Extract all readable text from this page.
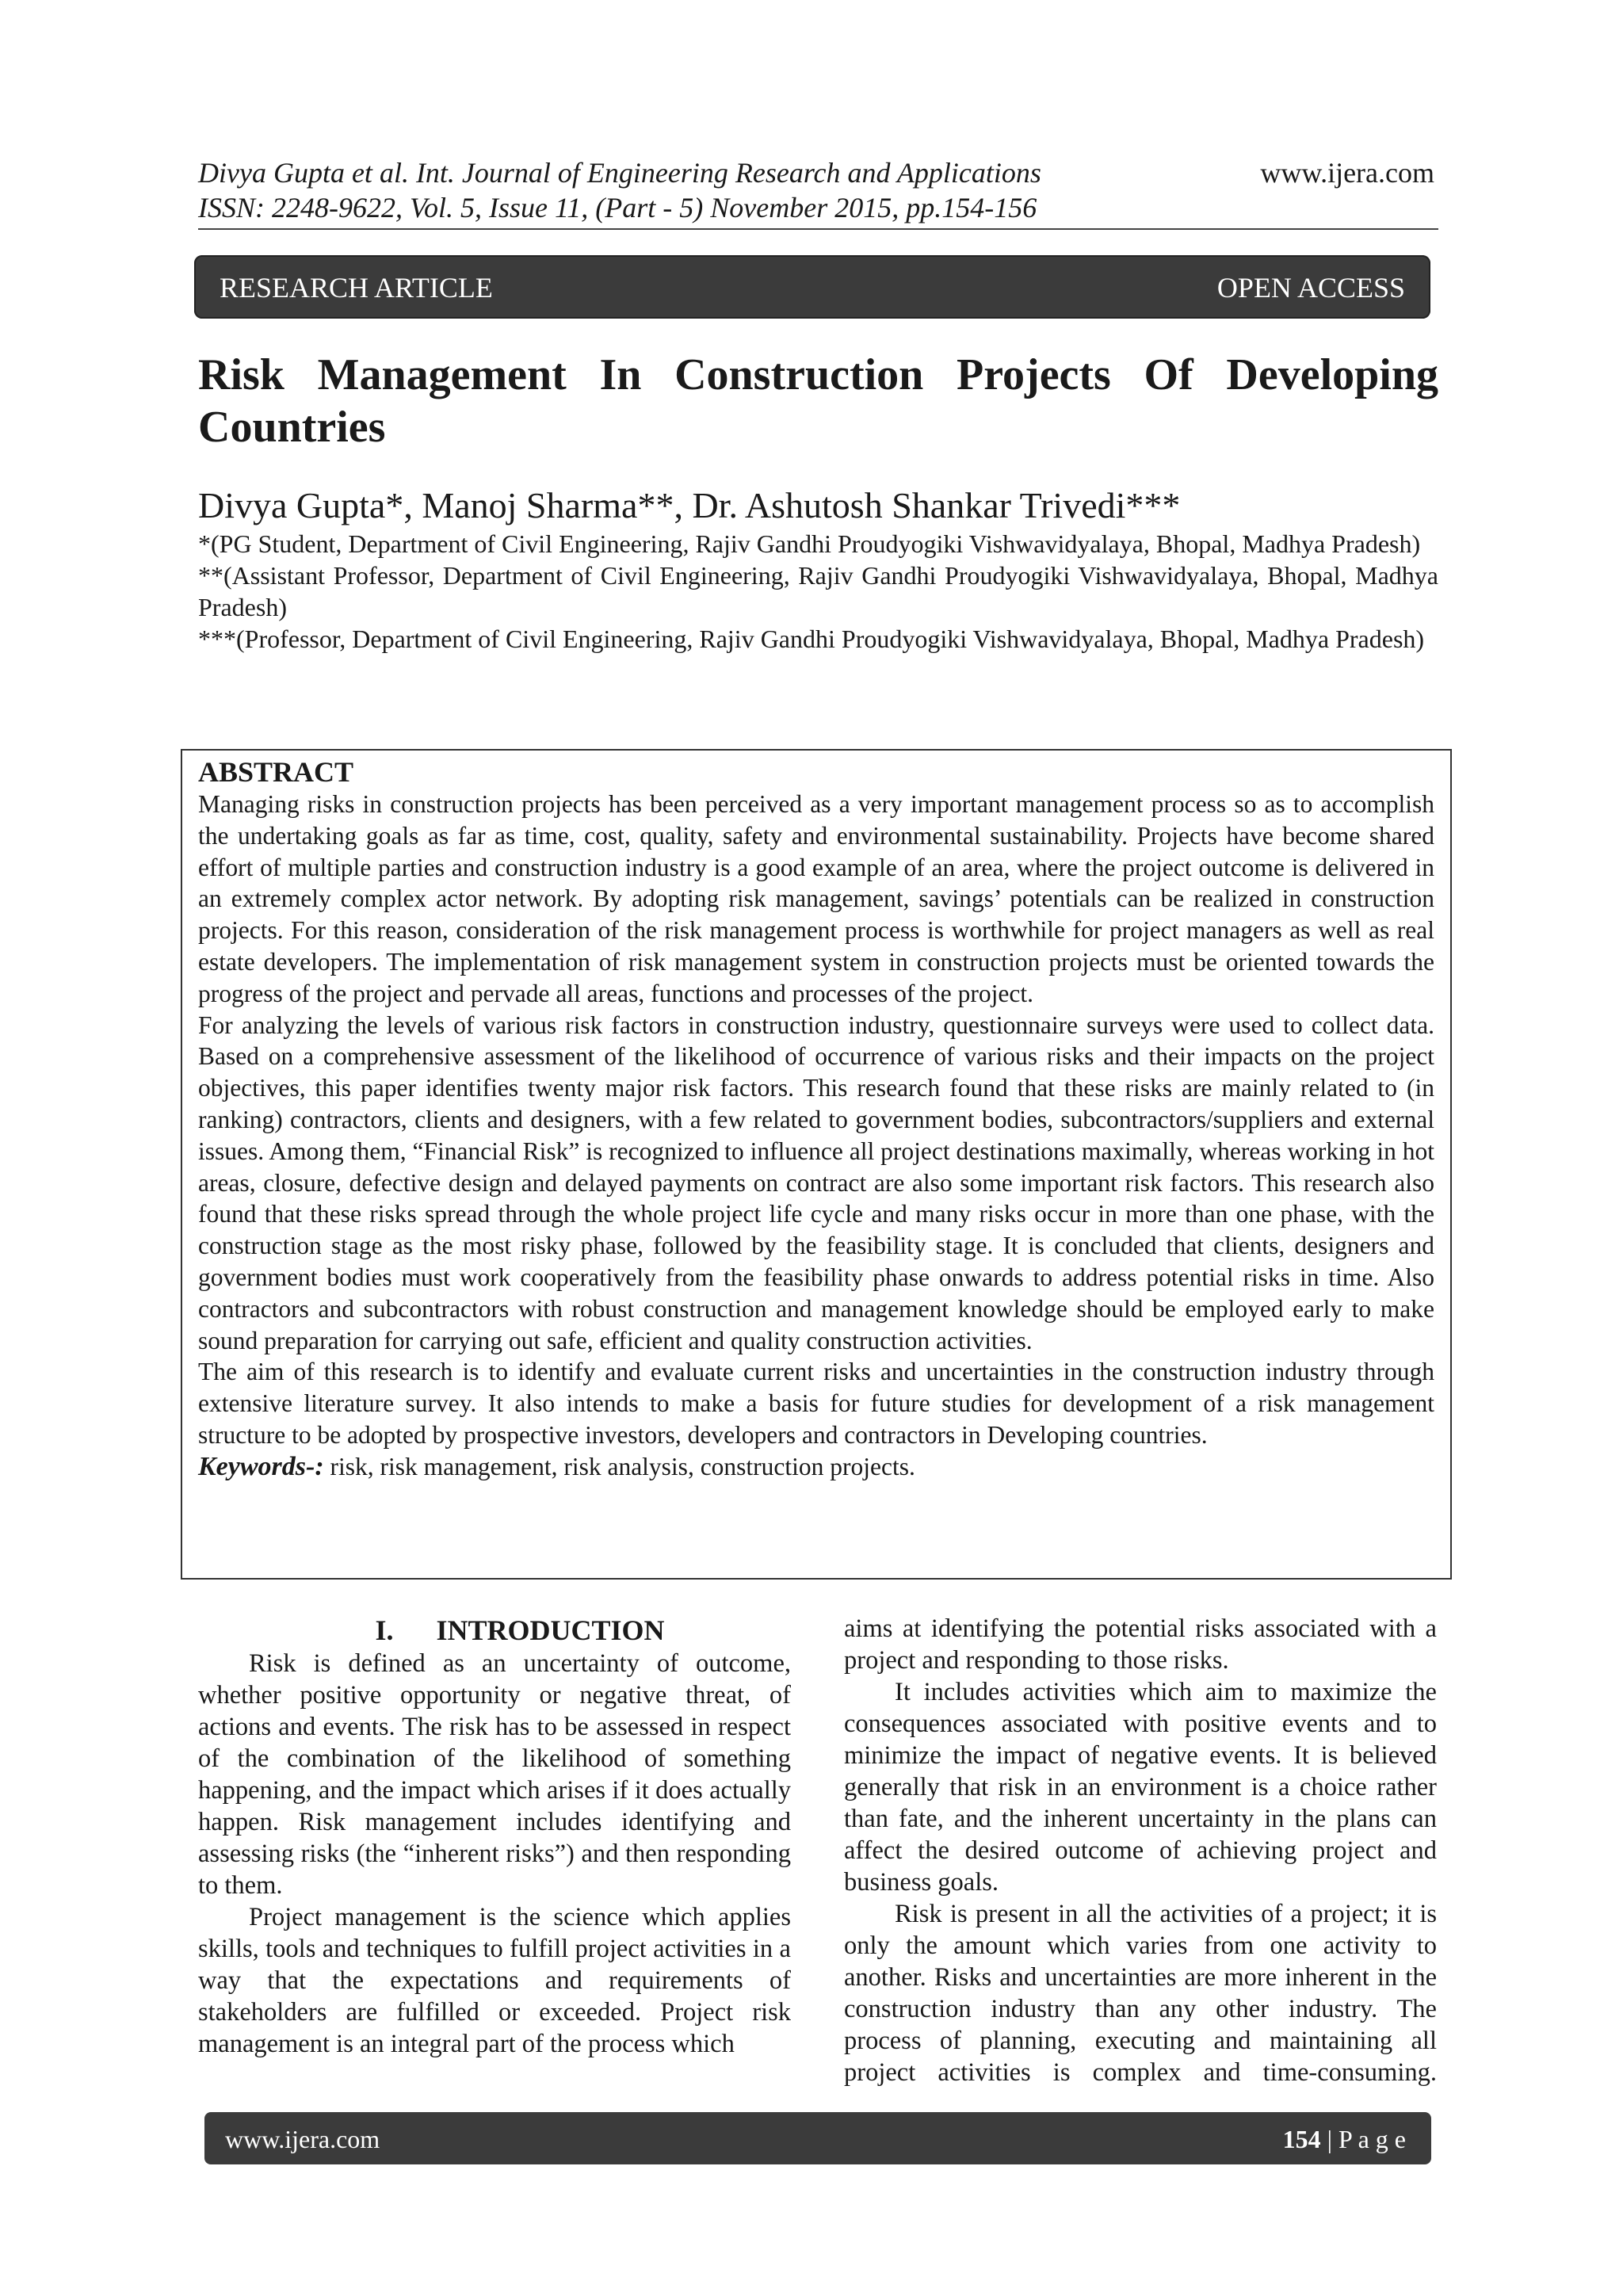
Divya Gupta et al. Int. Journal of Engineering Research and Applications
ISSN: 2248-9622, Vol. 5, Issue 11, (Part - 5) November 2015, pp.154-156
www.ijera.com
RESEARCH ARTICLE	OPEN ACCESS
Risk Management In Construction Projects Of Developing Countries
Divya Gupta*, Manoj Sharma**, Dr. Ashutosh Shankar Trivedi***

*(PG Student, Department of Civil Engineering, Rajiv Gandhi Proudyogiki Vishwavidyalaya, Bhopal, Madhya Pradesh)

**(Assistant Professor, Department of Civil Engineering, Rajiv Gandhi Proudyogiki Vishwavidyalaya, Bhopal, Madhya Pradesh)

***(Professor, Department of Civil Engineering, Rajiv Gandhi Proudyogiki Vishwavidyalaya, Bhopal, Madhya Pradesh)

ABSTRACT

Managing risks in construction projects has been perceived as a very important management process so as to accomplish the undertaking goals as far as time, cost, quality, safety and environmental sustainability. Projects have become shared effort of multiple parties and construction industry is a good example of an area, where the project outcome is delivered in an extremely complex actor network. By adopting risk management, savings’ potentials can be realized in construction projects. For this reason, consideration of the risk management process is worthwhile for project managers as well as real estate developers. The implementation of risk management system in construction projects must be oriented towards the progress of the project and pervade all areas, functions and processes of the project.

For analyzing the levels of various risk factors in construction industry, questionnaire surveys were used to collect data. Based on a comprehensive assessment of the likelihood of occurrence of various risks and their impacts on the project objectives, this paper identifies twenty major risk factors. This research found that these risks are mainly related to (in ranking) contractors, clients and designers, with a few related to government bodies, subcontractors/suppliers and external issues. Among them, “Financial Risk” is recognized to influence all project destinations maximally, whereas working in hot areas, closure, defective design and delayed payments on contract are also some important risk factors. This research also found that these risks spread through the whole project life cycle and many risks occur in more than one phase, with the construction stage as the most risky phase, followed by the feasibility stage. It is concluded that clients, designers and government bodies must work cooperatively from the feasibility phase onwards to address potential risks in time. Also contractors and subcontractors with robust construction and management knowledge should be employed early to make sound preparation for carrying out safe, efficient and quality construction activities.

The aim of this research is to identify and evaluate current risks and uncertainties in the construction industry through extensive literature survey. It also intends to make a basis for future studies for development of a risk management structure to be adopted by prospective investors, developers and contractors in Developing countries.

Keywords-: risk, risk management, risk analysis, construction projects.

I.      INTRODUCTION

Risk is defined as an uncertainty of outcome, whether positive opportunity or negative threat, of actions and events. The risk has to be assessed in respect of the combination of the likelihood of something happening, and the impact which arises if it does actually happen. Risk management includes identifying and assessing risks (the “inherent risks”) and then responding to them.

Project management is the science which applies skills, tools and techniques to fulfill project activities in a way that the expectations and requirements of stakeholders are fulfilled or exceeded. Project risk management is an integral part of the process which

aims at identifying the potential risks associated with a project and responding to those risks.

It includes activities which aim to maximize the consequences associated with positive events and to minimize the impact of negative events. It is believed generally that risk in an environment is a choice rather than fate, and the inherent uncertainty in the plans can affect the desired outcome of achieving project and business goals.

Risk is present in all the activities of a project; it is only the amount which varies from one activity to another. Risks and uncertainties are more inherent in the construction industry than any other industry. The process of planning, executing and maintaining all project activities is complex and time-consuming.

www.ijera.com	154 | P a g e
